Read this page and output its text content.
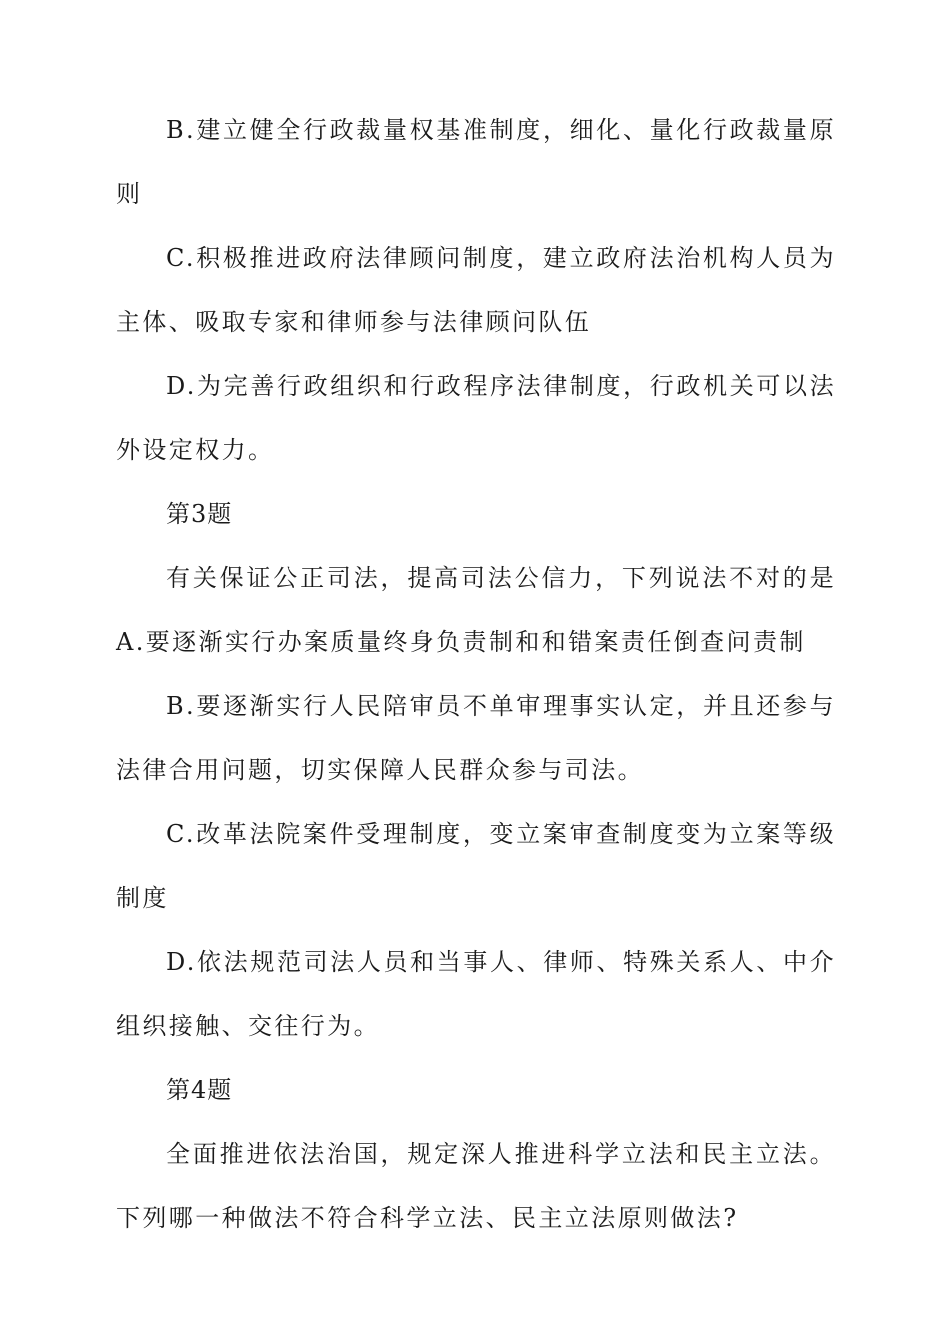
B.建立健全行政裁量权基准制度，细化、量化行政裁量原则

C.积极推进政府法律顾问制度，建立政府法治机构人员为主体、吸取专家和律师参与法律顾问队伍

D.为完善行政组织和行政程序法律制度，行政机关可以法外设定权力。

第3题

有关保证公正司法，提高司法公信力，下列说法不对的是A.要逐渐实行办案质量终身负责制和和错案责任倒查问责制

B.要逐渐实行人民陪审员不单审理事实认定，并且还参与法律合用问题，切实保障人民群众参与司法。

C.改革法院案件受理制度，变立案审查制度变为立案等级制度

D.依法规范司法人员和当事人、律师、特殊关系人、中介组织接触、交往行为。

第4题

全面推进依法治国，规定深人推进科学立法和民主立法。下列哪一种做法不符合科学立法、民主立法原则做法?
